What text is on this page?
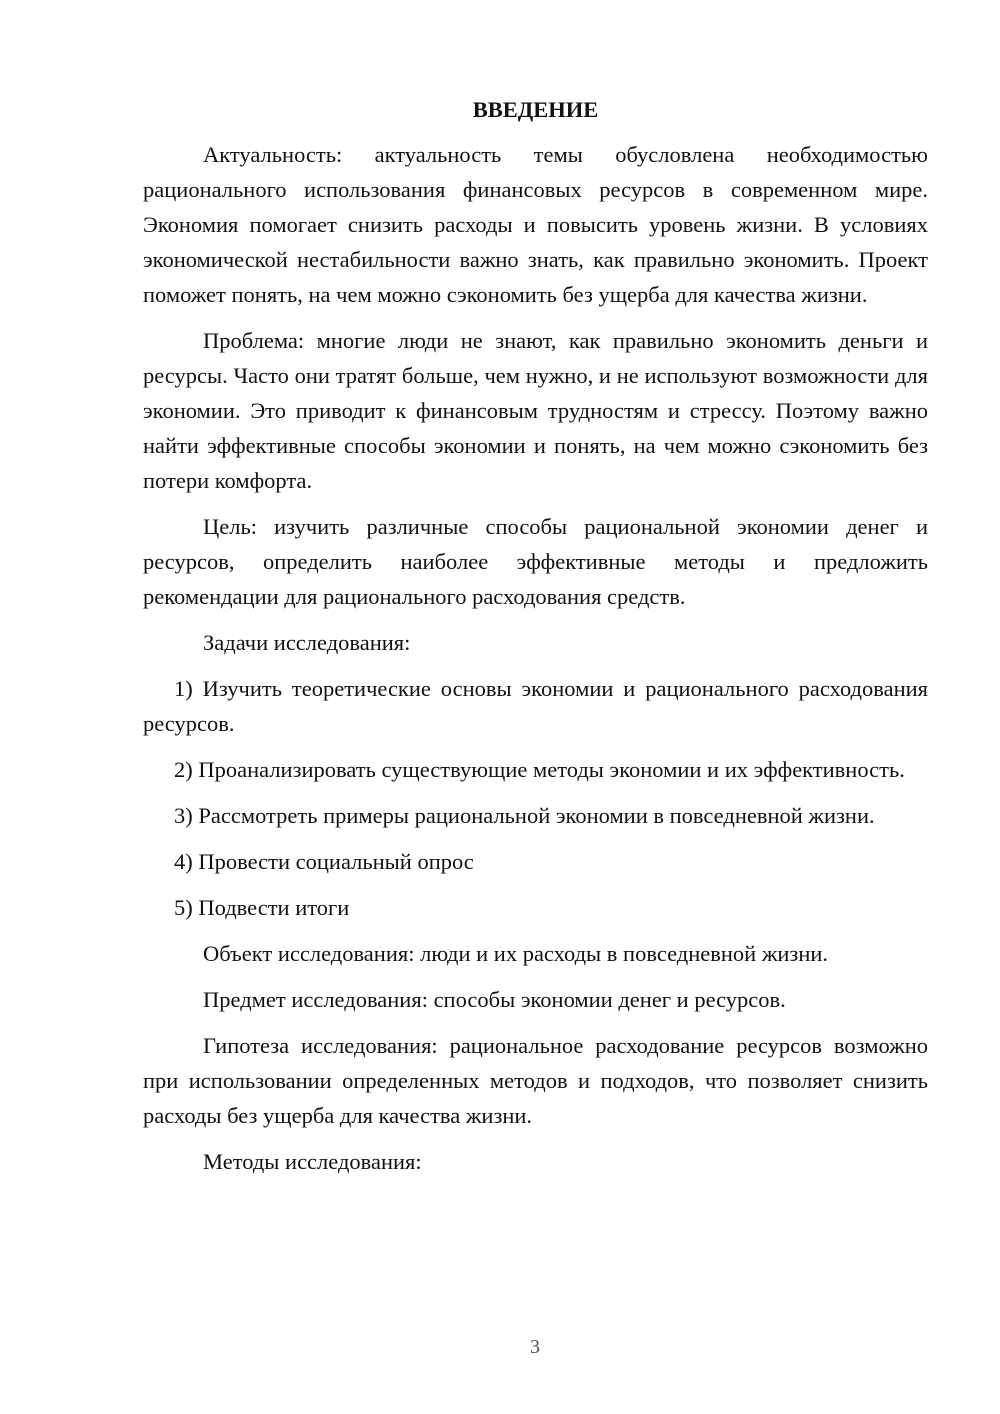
ВВЕДЕНИЕ

Актуальность: актуальность темы обусловлена необходимостью рационального использования финансовых ресурсов в современном мире. Экономия помогает снизить расходы и повысить уровень жизни. В условиях экономической нестабильности важно знать, как правильно экономить. Проект поможет понять, на чем можно сэкономить без ущерба для качества жизни.

Проблема: многие люди не знают, как правильно экономить деньги и ресурсы. Часто они тратят больше, чем нужно, и не используют возможности для экономии. Это приводит к финансовым трудностям и стрессу. Поэтому важно найти эффективные способы экономии и понять, на чем можно сэкономить без потери комфорта.

Цель: изучить различные способы рациональной экономии денег и ресурсов, определить наиболее эффективные методы и предложить рекомендации для рационального расходования средств.

Задачи исследования:

1) Изучить теоретические основы экономии и рационального расходования ресурсов.

2) Проанализировать существующие методы экономии и их эффективность.

3) Рассмотреть примеры рациональной экономии в повседневной жизни.

4) Провести социальный опрос

5) Подвести итоги

Объект исследования: люди и их расходы в повседневной жизни.

Предмет исследования: способы экономии денег и ресурсов.

Гипотеза исследования: рациональное расходование ресурсов возможно при использовании определенных методов и подходов, что позволяет снизить расходы без ущерба для качества жизни.

Методы исследования:

3
